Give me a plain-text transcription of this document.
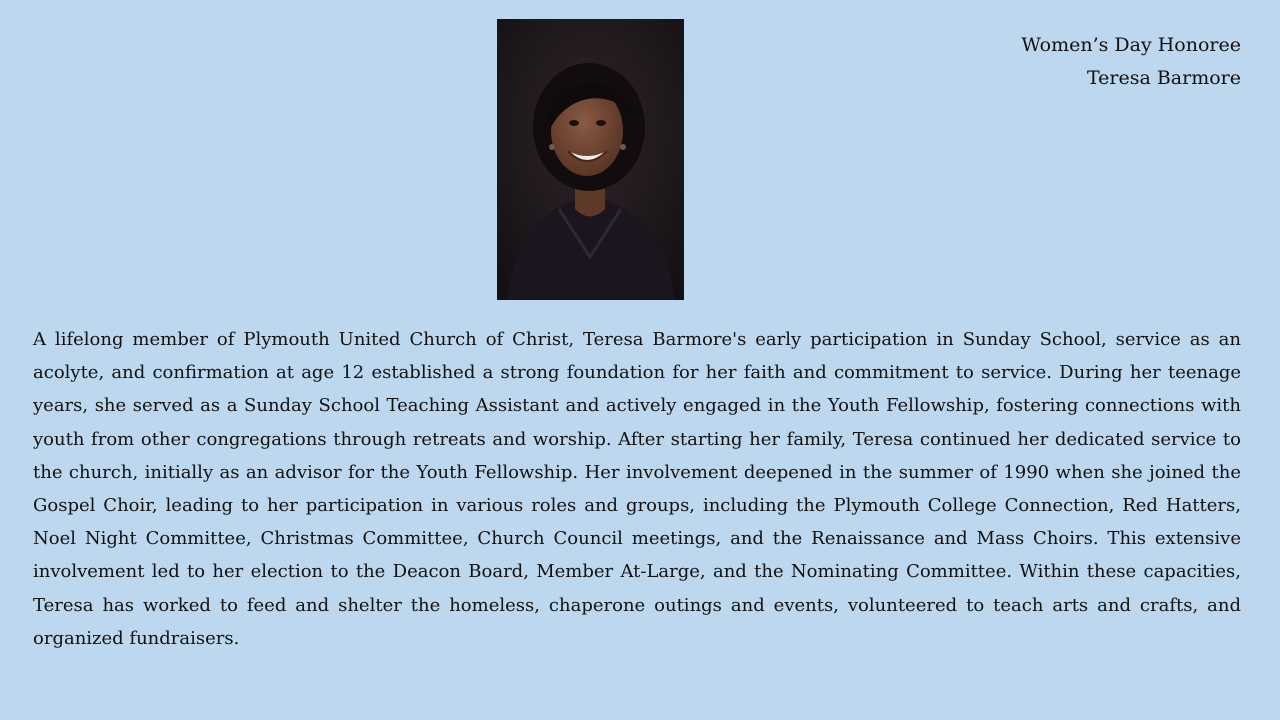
Women’s Day Honoree
Teresa Barmore

A lifelong member of Plymouth United Church of Christ, Teresa Barmore's early participation in Sunday School, service as an acolyte, and confirmation at age 12 established a strong foundation for her faith and commitment to service. During her teenage years, she served as a Sunday School Teaching Assistant and actively engaged in the Youth Fellowship, fostering connections with youth from other congregations through retreats and worship. After starting her family, Teresa continued her dedicated service to the church, initially as an advisor for the Youth Fellowship. Her involvement deepened in the summer of 1990 when she joined the Gospel Choir, leading to her participation in various roles and groups, including the Plymouth College Connection, Red Hatters, Noel Night Committee, Christmas Committee, Church Council meetings, and the Renaissance and Mass Choirs. This extensive involvement led to her election to the Deacon Board, Member At-Large, and the Nominating Committee. Within these capacities, Teresa has worked to feed and shelter the homeless, chaperone outings and events, volunteered to teach arts and crafts, and organized fundraisers.
